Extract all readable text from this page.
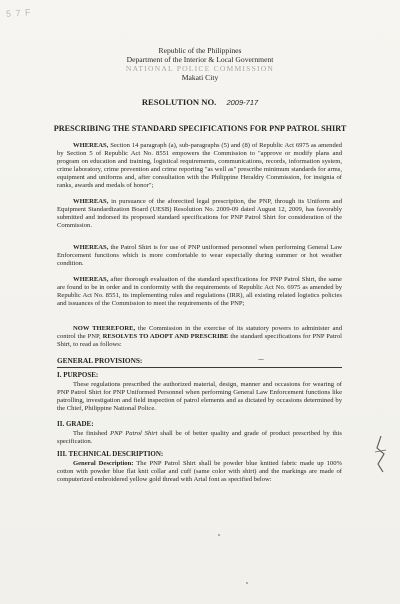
5 7 F
Republic of the Philippines
Department of the Interior & Local Government
NATIONAL POLICE COMMISSION
Makati City
RESOLUTION NO. 2009-717
PRESCRIBING THE STANDARD SPECIFICATIONS FOR PNP PATROL SHIRT

WHEREAS, Section 14 paragraph (a), sub-paragraphs (5) and (8) of Republic Act 6975 as amended by Section 5 of Republic Act No. 8551 empowers the Commission to "approve or modify plans and program on education and training, logistical requirements, communications, records, information system, crime laboratory, crime prevention and crime reporting "as well as" prescribe minimum standards for arms, equipment and uniforms and, after consultation with the Philippine Heraldry Commission, for insignia of ranks, awards and medals of honor";

WHEREAS, in pursuance of the aforecited legal prescription, the PNP, through its Uniform and Equipment Standardization Board (UESB) Resolution No. 2009-09 dated August 12, 2009, has favorably submitted and indorsed its proposed standard specifications for PNP Patrol Shirt for consideration of the Commission.

WHEREAS, the Patrol Shirt is for use of PNP uniformed personnel when performing General Law Enforcement functions which is more comfortable to wear especially during summer or hot weather condition.

WHEREAS, after thorough evaluation of the standard specifications for PNP Patrol Shirt, the same are found to be in order and in conformity with the requirements of Republic Act No. 6975 as amended by Republic Act No. 8551, its implementing rules and regulations (IRR), all existing related logistics policies and issuances of the Commission to meet the requirements of the PNP;

NOW THEREFORE, the Commission in the exercise of its statutory powers to administer and control the PNP, RESOLVES TO ADOPT AND PRESCRIBE the standard specifications for PNP Patrol Shirt, to read as follows:

GENERAL PROVISIONS:
I. PURPOSE:

These regulations prescribed the authorized material, design, manner and occasions for wearing of PNP Patrol Shirt for PNP Uniformed Personnel when performing General Law Enforcement functions like patrolling, investigation and field inspection of patrol elements and as dictated by occasions determined by the Chief, Philippine National Police.

II. GRADE:

The finished PNP Patrol Shirt shall be of better quality and grade of product prescribed by this specification.

III. TECHNICAL DESCRIPTION:

General Description: The PNP Patrol Shirt shall be powder blue knitted fabric made up 100% cotton with powder blue flat knit collar and cuff (same color with shirt) and the markings are made of computerized embroidered yellow gold thread with Arial font as specified below:
